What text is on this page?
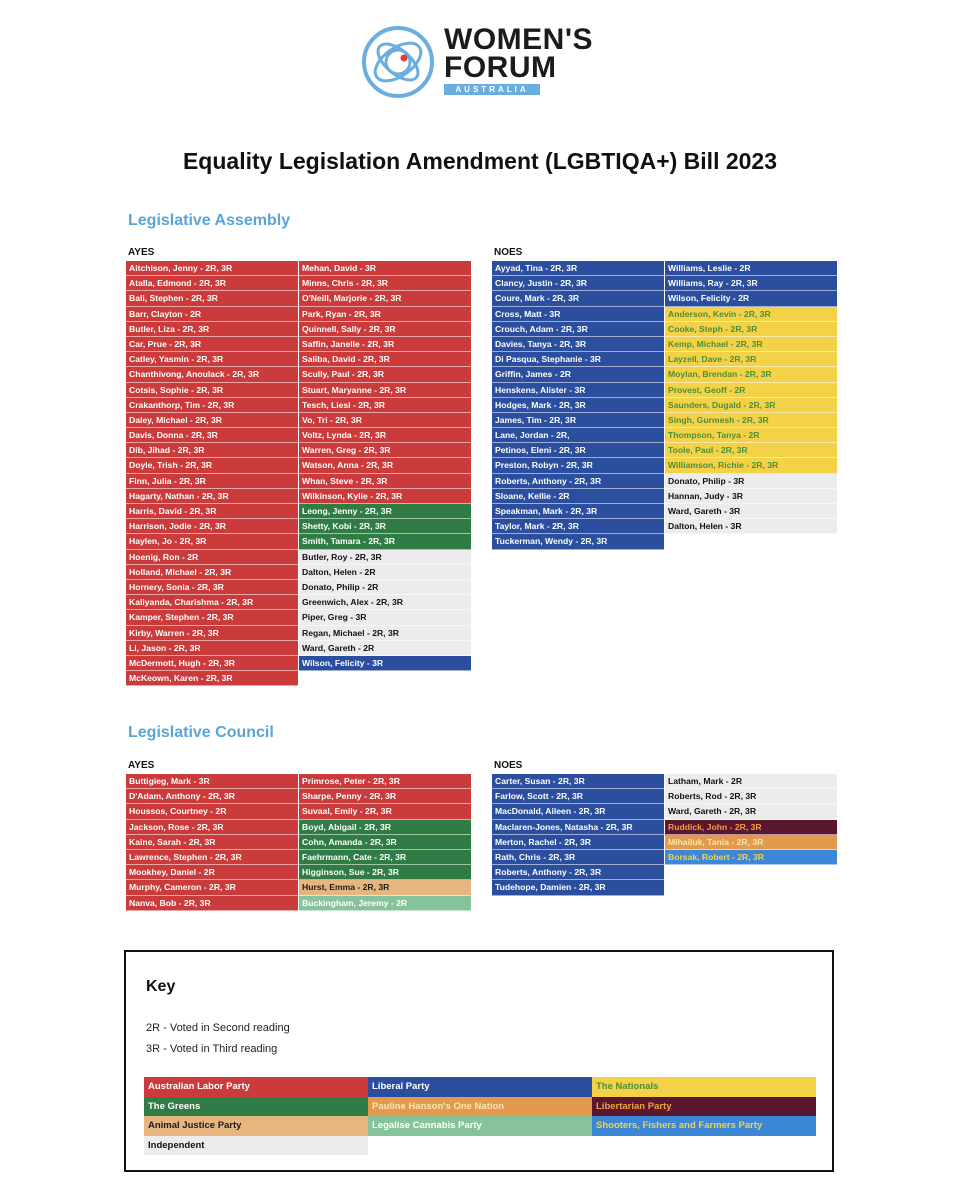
WOMEN'S
FORUM
AUSTRALIA
Equality Legislation Amendment (LGBTIQA+) Bill 2023
Legislative Assembly
AYES	NOES
Aitchison, Jenny - 2R, 3R
Atalla, Edmond - 2R, 3R
Bali, Stephen - 2R, 3R
Barr, Clayton - 2R
Butler, Liza - 2R, 3R
Car, Prue - 2R, 3R
Catley, Yasmin - 2R, 3R
Chanthivong, Anoulack - 2R, 3R
Cotsis, Sophie - 2R, 3R
Crakanthorp, Tim - 2R, 3R
Daley, Michael - 2R, 3R
Davis, Donna - 2R, 3R
Dib, Jihad - 2R, 3R
Doyle, Trish - 2R, 3R
Finn, Julia - 2R, 3R
Hagarty, Nathan - 2R, 3R
Harris, David - 2R, 3R
Harrison, Jodie - 2R, 3R
Haylen, Jo - 2R, 3R
Hoenig, Ron - 2R
Holland, Michael - 2R, 3R
Hornery, Sonia - 2R, 3R
Kaliyanda, Charishma - 2R, 3R
Kamper, Stephen - 2R, 3R
Kirby, Warren - 2R, 3R
Li, Jason - 2R, 3R
McDermott, Hugh - 2R, 3R
McKeown, Karen - 2R, 3R
Mehan, David - 3R
Minns, Chris - 2R, 3R
O'Neill, Marjorie - 2R, 3R
Park, Ryan - 2R, 3R
Quinnell, Sally - 2R, 3R
Saffin, Janelle - 2R, 3R
Saliba, David - 2R, 3R
Scully, Paul - 2R, 3R
Stuart, Maryanne - 2R, 3R
Tesch, Liesl - 2R, 3R
Vo, Tri - 2R, 3R
Voltz, Lynda - 2R, 3R
Warren, Greg - 2R, 3R
Watson, Anna - 2R, 3R
Whan, Steve - 2R, 3R
Wilkinson, Kylie - 2R, 3R
Leong, Jenny - 2R, 3R
Shetty, Kobi - 2R, 3R
Smith, Tamara - 2R, 3R
Butler, Roy - 2R, 3R
Dalton, Helen - 2R
Donato, Philip - 2R
Greenwich, Alex - 2R, 3R
Piper, Greg - 3R
Regan, Michael - 2R, 3R
Ward, Gareth - 2R
Wilson, Felicity - 3R
Ayyad, Tina - 2R, 3R
Clancy, Justin - 2R, 3R
Coure, Mark - 2R, 3R
Cross, Matt - 3R
Crouch, Adam - 2R, 3R
Davies, Tanya - 2R, 3R
Di Pasqua, Stephanie - 3R
Griffin, James - 2R
Henskens, Alister - 3R
Hodges, Mark - 2R, 3R
James, Tim - 2R, 3R
Lane, Jordan - 2R,
Petinos, Eleni - 2R, 3R
Preston, Robyn - 2R, 3R
Roberts, Anthony - 2R, 3R
Sloane, Kellie - 2R
Speakman, Mark - 2R, 3R
Taylor, Mark - 2R, 3R
Tuckerman, Wendy - 2R, 3R
Williams, Leslie - 2R
Williams, Ray - 2R, 3R
Wilson, Felicity - 2R
Anderson, Kevin - 2R, 3R
Cooke, Steph - 2R, 3R
Kemp, Michael - 2R, 3R
Layzell, Dave - 2R, 3R
Moylan, Brendan - 2R, 3R
Provest, Geoff - 2R
Saunders, Dugald - 2R, 3R
Singh, Gurmesh - 2R, 3R
Thompson, Tanya - 2R
Toole, Paul - 2R, 3R
Williamson, Richie - 2R, 3R
Donato, Philip - 3R
Hannan, Judy - 3R
Ward, Gareth - 3R
Dalton, Helen - 3R
Legislative Council
AYES	NOES
Buttigieg, Mark - 3R
D'Adam, Anthony - 2R, 3R
Houssos, Courtney - 2R
Jackson, Rose - 2R, 3R
Kaine, Sarah - 2R, 3R
Lawrence, Stephen - 2R, 3R
Mookhey, Daniel - 2R
Murphy, Cameron - 2R, 3R
Nanva, Bob - 2R, 3R
Primrose, Peter - 2R, 3R
Sharpe, Penny - 2R, 3R
Suvaal, Emily - 2R, 3R
Boyd, Abigail - 2R, 3R
Cohn, Amanda - 2R, 3R
Faehrmann, Cate - 2R, 3R
Higginson, Sue - 2R, 3R
Hurst, Emma - 2R, 3R
Buckingham, Jeremy - 2R
Carter, Susan - 2R, 3R
Farlow, Scott - 2R, 3R
MacDonald, Aileen - 2R, 3R
Maclaren-Jones, Natasha - 2R, 3R
Merton, Rachel - 2R, 3R
Rath, Chris - 2R, 3R
Roberts, Anthony - 2R, 3R
Tudehope, Damien - 2R, 3R
Latham, Mark - 2R
Roberts, Rod - 2R, 3R
Ward, Gareth - 2R, 3R
Ruddick, John - 2R, 3R
Mihailuk, Tania - 2R, 3R
Borsak, Robert - 2R, 3R
Key
2R - Voted in Second reading
3R - Voted in Third reading
Australian Labor Party	Liberal Party	The Nationals
The Greens	Pauline Hanson's One Nation	Libertarian Party
Animal Justice Party	Legalise Cannabis Party	Shooters, Fishers and Farmers Party
Independent
